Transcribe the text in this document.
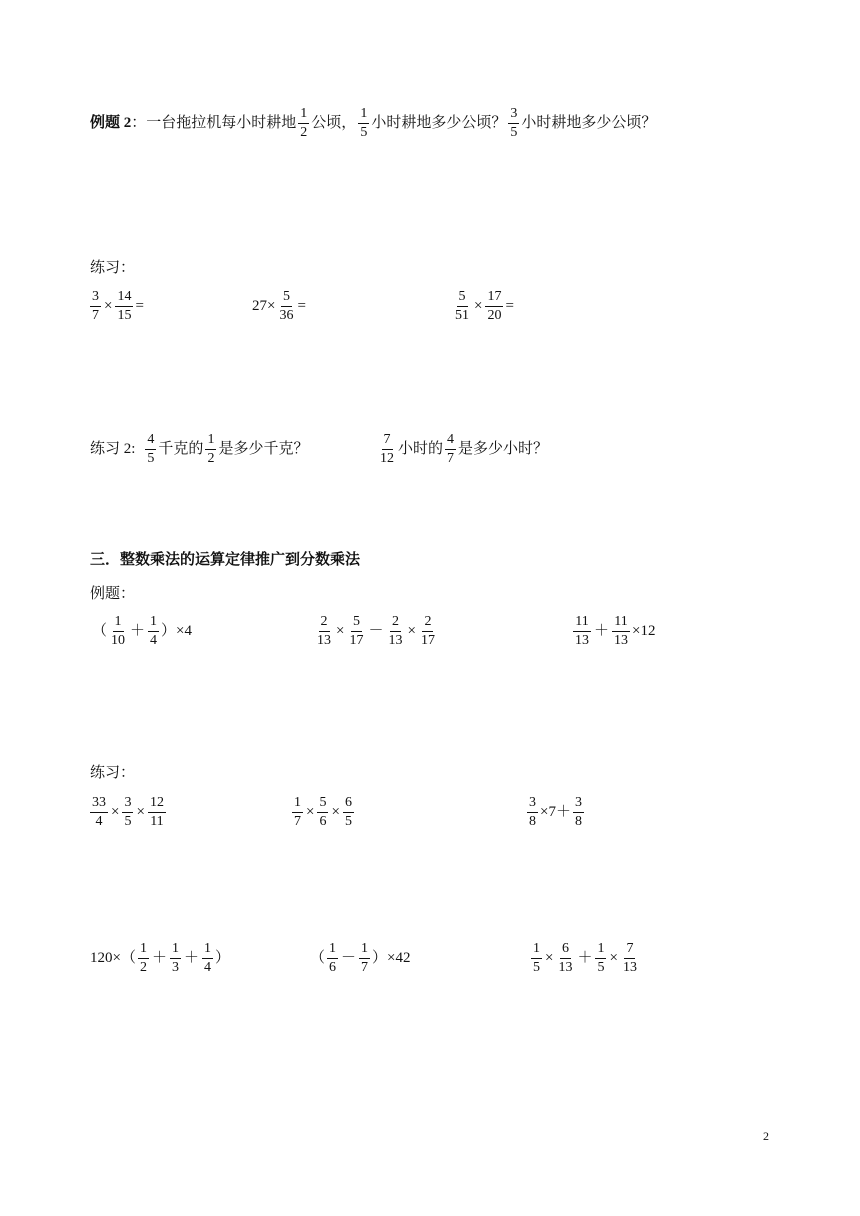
例题 2：一台拖拉机每小时耕地 $\frac{1}{2}$ 公顷， $\frac{1}{5}$ 小时耕地多少公顷？ $\frac{3}{5}$ 小时耕地多少公顷？
练习：
$\frac{3}{7} \times \frac{14}{15}$ =	$27\times \frac{5}{36}$ =	$\frac{5}{51} \times \frac{17}{20}$ =
练习 2: $\frac{4}{5}$ 千克的 $\frac{1}{2}$ 是多少千克？	$\frac{7}{12}$ 小时的 $\frac{4}{7}$ 是多少小时？
三．整数乘法的运算定律推广到分数乘法
例题：
（ $\frac{1}{10} + \frac{1}{4} )\times 4$	$\frac{2}{13} \times \frac{5}{17} - \frac{2}{13} \times \frac{2}{17}$	$\frac{11}{13} + \frac{11}{13} \times 12$
练习：
$\frac{33}{4} \times \frac{3}{5} \times \frac{12}{11}$	$\frac{1}{7} \times \frac{5}{6} \times \frac{6}{5}$	$\frac{3}{8} \times 7+ \frac{3}{8}$
$120\times( \frac{1}{2} + \frac{1}{3} + \frac{1}{4}$ ）	（ $\frac{1}{6} - \frac{1}{7} )\times 42$	$\frac{1}{5} \times \frac{6}{13} + \frac{1}{5} \times \frac{7}{13}$
2
